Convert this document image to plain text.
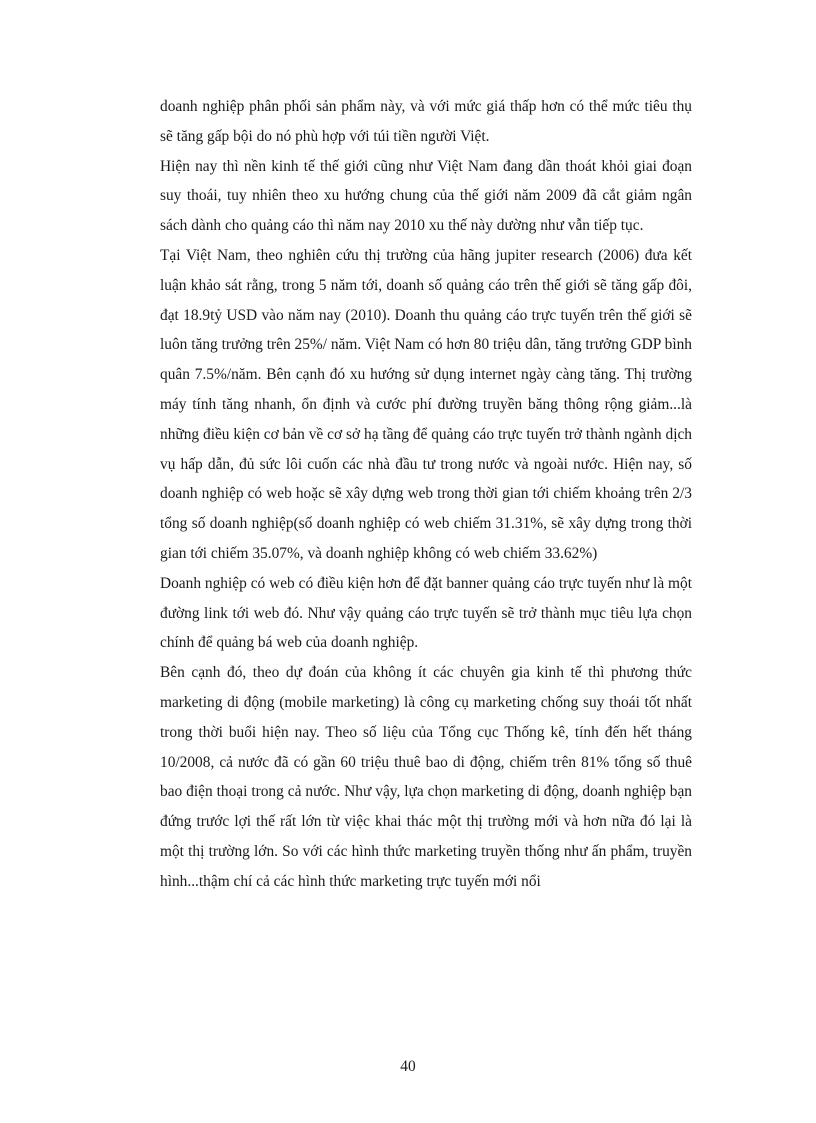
doanh nghiệp phân phối sản phẩm này, và với mức giá thấp hơn có thể mức tiêu thụ sẽ tăng gấp bội do nó phù hợp với túi tiền người Việt.

Hiện nay thì nền kinh tế thế giới cũng như Việt Nam đang dần thoát khỏi giai đoạn suy thoái, tuy nhiên theo xu hướng chung của thế giới năm 2009 đã cắt giảm ngân sách dành cho quảng cáo thì năm nay 2010 xu thế này dường như vẫn tiếp tục.

Tại Việt Nam, theo nghiên cứu thị trường của hãng jupiter research (2006) đưa kết luận khảo sát rằng, trong 5 năm tới, doanh số quảng cáo trên thế giới sẽ tăng gấp đôi, đạt 18.9tỷ USD vào năm nay (2010). Doanh thu quảng cáo trực tuyến trên thế giới sẽ luôn tăng trưởng trên 25%/ năm. Việt Nam có hơn 80 triệu dân, tăng trưởng GDP bình quân 7.5%/năm. Bên cạnh đó xu hướng sử dụng internet ngày càng tăng. Thị trường máy tính tăng nhanh, ổn định và cước phí đường truyền băng thông rộng giảm...là những điều kiện cơ bản về cơ sở hạ tầng để quảng cáo trực tuyến trở thành ngành dịch vụ hấp dẫn, đủ sức lôi cuốn các nhà đầu tư trong nước và ngoài nước. Hiện nay, số doanh nghiệp có web hoặc sẽ xây dựng web trong thời gian tới chiếm khoảng trên 2/3 tổng số doanh nghiệp(số doanh nghiệp có web chiếm 31.31%, sẽ xây dựng trong thời gian tới chiếm 35.07%, và doanh nghiệp không có web chiếm 33.62%)

Doanh nghiệp có web có điều kiện hơn để đặt banner quảng cáo trực tuyến như là một đường link tới web đó. Như vậy quảng cáo trực tuyến sẽ trở thành mục tiêu lựa chọn chính để quảng bá web của doanh nghiệp.

Bên cạnh đó, theo dự đoán của không ít các chuyên gia kinh tế thì phương thức marketing di động (mobile marketing) là công cụ marketing chống suy thoái tốt nhất trong thời buổi hiện nay. Theo số liệu của Tổng cục Thống kê, tính đến hết tháng 10/2008, cả nước đã có gần 60 triệu thuê bao di động, chiếm trên 81% tổng số thuê bao điện thoại trong cả nước. Như vậy, lựa chọn marketing di động, doanh nghiệp bạn đứng trước lợi thế rất lớn từ việc khai thác một thị trường mới và hơn nữa đó lại là một thị trường lớn. So với các hình thức marketing truyền thống như ấn phẩm, truyền hình...thậm chí cả các hình thức marketing trực tuyến mới nổi

40
